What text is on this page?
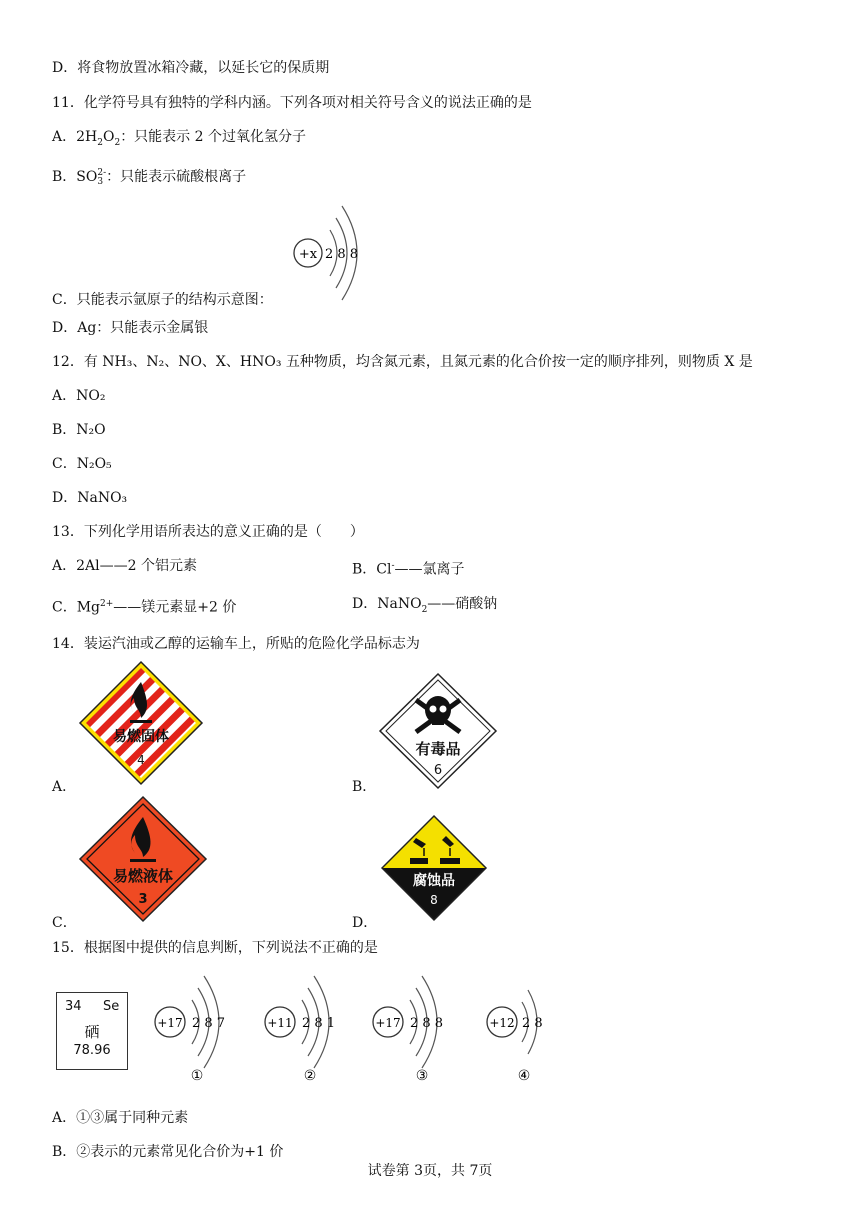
D．将食物放置冰箱冷藏，以延长它的保质期
11．化学符号具有独特的学科内涵。下列各项对相关符号含义的说法正确的是
A．$2H_2O_2$：只能表示 2 个过氧化氢分子
B．SO 2-
3 ：只能表示硫酸根离子
+x 2 8 8
C．只能表示氩原子的结构示意图：
D．Ag：只能表示金属银
12．有 NH₃、N₂、NO、X、HNO₃ 五种物质，均含氮元素，且氮元素的化合价按一定的顺序排列，则物质 X 是
A．NO₂
B．N₂O
C．N₂O₅
D．NaNO₃
13．下列化学用语所表达的意义正确的是（　　）
A．2Al——2 个铝元素	B．Cl-——氯离子
C．$Mg^{2+}——$镁元素显+2 价	D．NaNO$_2$——硝酸钠
14．装运汽油或乙醇的运输车上，所贴的危险化学品标志为
易燃固体
4
A．
有毒品
6
B．
易燃液体
3
C．
腐蚀品
8
D．
15．根据图中提供的信息判断，下列说法不正确的是
34 Se
硒
78.96
+17 2 8 7
①
+11 2 8 1
②
+17 2 8 8
③
+12 2 8
④
A．①③属于同种元素
B．②表示的元素常见化合价为+1 价
试卷第 3页，共 7页
